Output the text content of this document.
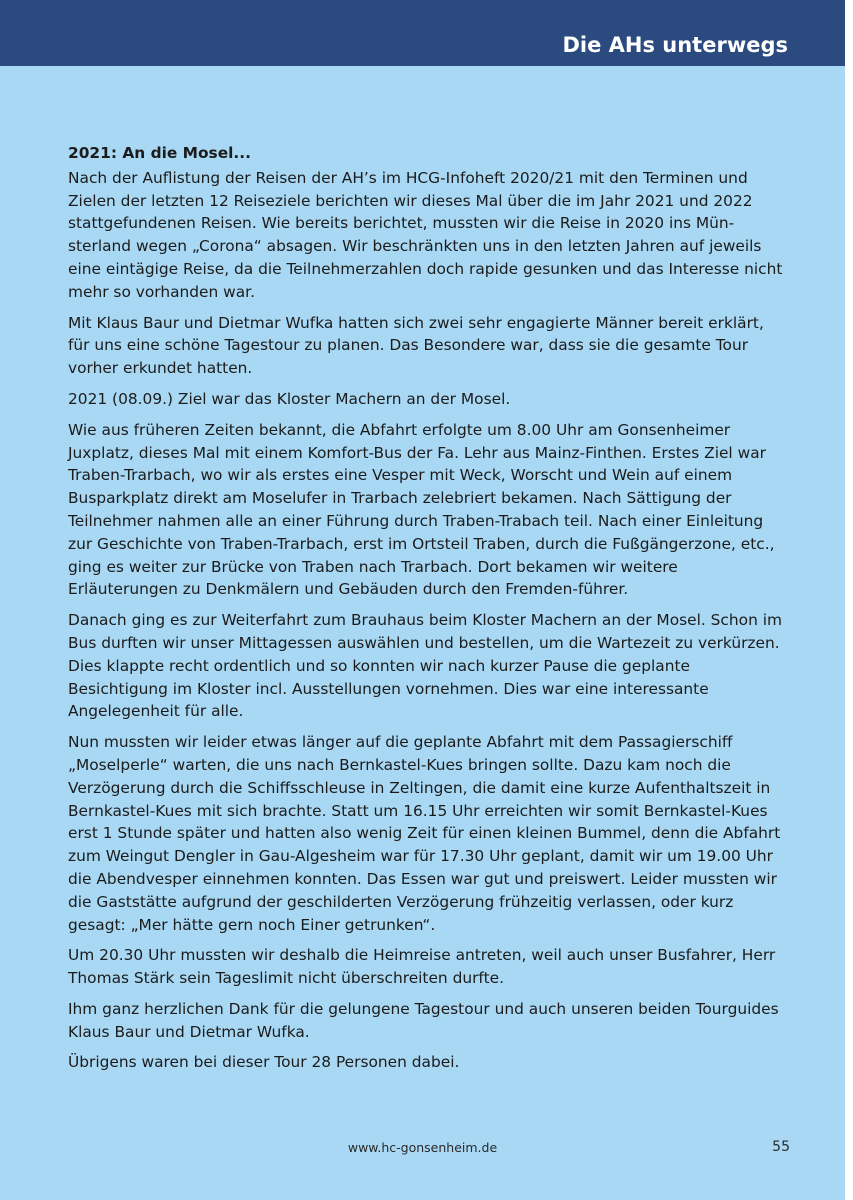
Die AHs unterwegs

2021: An die Mosel...

Nach der Auflistung der Reisen der AH’s im HCG-Infoheft 2020/21 mit den Terminen und Zielen der letzten 12 Reiseziele berichten wir dieses Mal über die im Jahr 2021 und 2022 stattgefundenen Reisen. Wie bereits berichtet, mussten wir die Reise in 2020 ins Mün-sterland wegen „Corona“ absagen. Wir beschränkten uns in den letzten Jahren auf jeweils eine eintägige Reise, da die Teilnehmerzahlen doch rapide gesunken und das Interesse nicht mehr so vorhanden war.

Mit Klaus Baur und Dietmar Wufka hatten sich zwei sehr engagierte Männer bereit erklärt, für uns eine schöne Tagestour zu planen. Das Besondere war, dass sie die gesamte Tour vorher erkundet hatten.

2021 (08.09.) Ziel war das Kloster Machern an der Mosel.

Wie aus früheren Zeiten bekannt, die Abfahrt erfolgte um 8.00 Uhr am Gonsenheimer Juxplatz, dieses Mal mit einem Komfort-Bus der Fa. Lehr aus Mainz-Finthen. Erstes Ziel war Traben-Trarbach, wo wir als erstes eine Vesper mit Weck, Worscht und Wein auf einem Busparkplatz direkt am Moselufer in Trarbach zelebriert bekamen. Nach Sättigung der Teilnehmer nahmen alle an einer Führung durch Traben-Trabach teil. Nach einer Einleitung zur Geschichte von Traben-Trarbach, erst im Ortsteil Traben, durch die Fußgängerzone, etc., ging es weiter zur Brücke von Traben nach Trarbach. Dort bekamen wir weitere Erläuterungen zu Denkmälern und Gebäuden durch den Fremden-führer.

Danach ging es zur Weiterfahrt zum Brauhaus beim Kloster Machern an der Mosel. Schon im Bus durften wir unser Mittagessen auswählen und bestellen, um die Wartezeit zu verkürzen. Dies klappte recht ordentlich und so konnten wir nach kurzer Pause die geplante Besichtigung im Kloster incl. Ausstellungen vornehmen. Dies war eine interessante Angelegenheit für alle.

Nun mussten wir leider etwas länger auf die geplante Abfahrt mit dem Passagierschiff „Moselperle“ warten, die uns nach Bernkastel-Kues bringen sollte. Dazu kam noch die Verzögerung durch die Schiffsschleuse in Zeltingen, die damit eine kurze Aufenthaltszeit in Bernkastel-Kues mit sich brachte. Statt um 16.15 Uhr erreichten wir somit Bernkastel-Kues erst 1 Stunde später und hatten also wenig Zeit für einen kleinen Bummel, denn die Abfahrt zum Weingut Dengler in Gau-Algesheim war für 17.30 Uhr geplant, damit wir um 19.00 Uhr die Abendvesper einnehmen konnten. Das Essen war gut und preiswert. Leider mussten wir die Gaststätte aufgrund der geschilderten Verzögerung frühzeitig verlassen, oder kurz gesagt: „Mer hätte gern noch Einer getrunken“.

Um 20.30 Uhr mussten wir deshalb die Heimreise antreten, weil auch unser Busfahrer, Herr Thomas Stärk sein Tageslimit nicht überschreiten durfte.

Ihm ganz herzlichen Dank für die gelungene Tagestour und auch unseren beiden Tourguides Klaus Baur und Dietmar Wufka.

Übrigens waren bei dieser Tour 28 Personen dabei.

www.hc-gonsenheim.de	55
